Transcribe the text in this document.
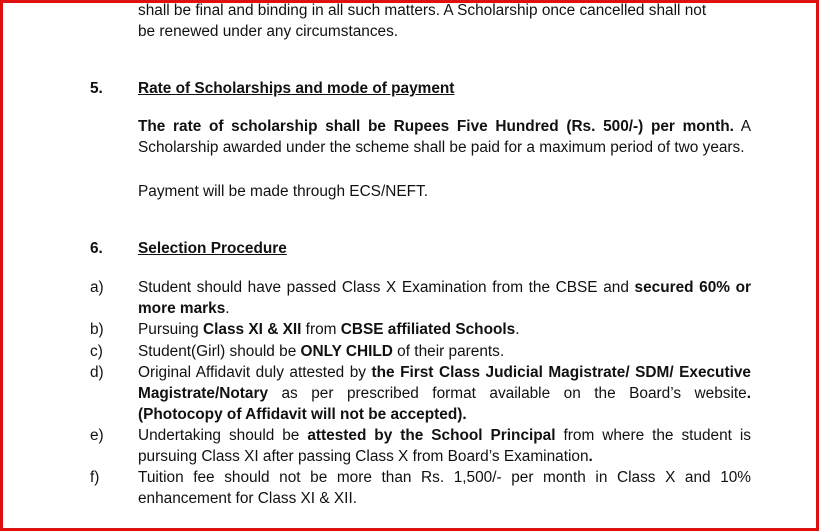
shall be final and binding in all such matters. A Scholarship once cancelled shall not
be renewed under any circumstances.
5. Rate of Scholarships and mode of payment
The rate of scholarship shall be Rupees Five Hundred (Rs. 500/-) per month. A Scholarship awarded under the scheme shall be paid for a maximum period of two years.
Payment will be made through ECS/NEFT.
6. Selection Procedure
a) Student should have passed Class X Examination from the CBSE and secured 60% or more marks.
b) Pursuing Class XI & XII from CBSE affiliated Schools.
c) Student(Girl) should be ONLY CHILD of their parents.
d) Original Affidavit duly attested by the First Class Judicial Magistrate/ SDM/ Executive Magistrate/Notary as per prescribed format available on the Board’s website. (Photocopy of Affidavit will not be accepted).
e) Undertaking should be attested by the School Principal from where the student is pursuing Class XI after passing Class X from Board’s Examination.
f)	Tuition fee should not be more than Rs. 1,500/- per month in Class X and 10% enhancement for Class XI & XII.
